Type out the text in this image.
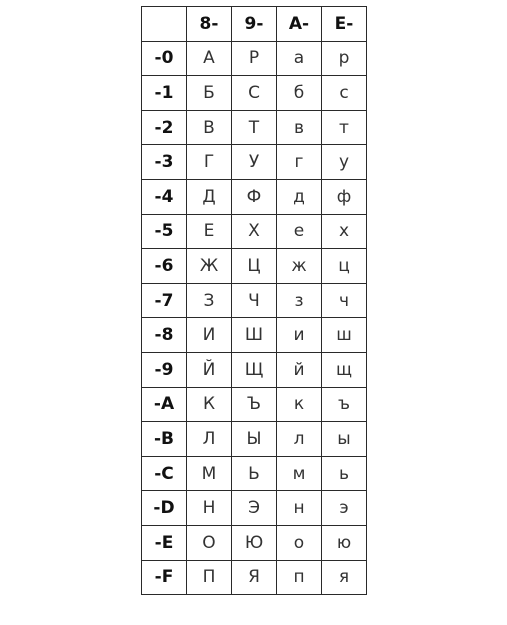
	8-	9-	A-	E-
-0	А	Р	а	р
-1	Б	С	б	с
-2	В	Т	в	т
-3	Г	У	г	у
-4	Д	Ф	д	ф
-5	Е	Х	е	х
-6	Ж	Ц	ж	ц
-7	З	Ч	з	ч
-8	И	Ш	и	ш
-9	Й	Щ	й	щ
-A	К	Ъ	к	ъ
-B	Л	Ы	л	ы
-C	М	Ь	м	ь
-D	Н	Э	н	э
-E	О	Ю	о	ю
-F	П	Я	п	я
